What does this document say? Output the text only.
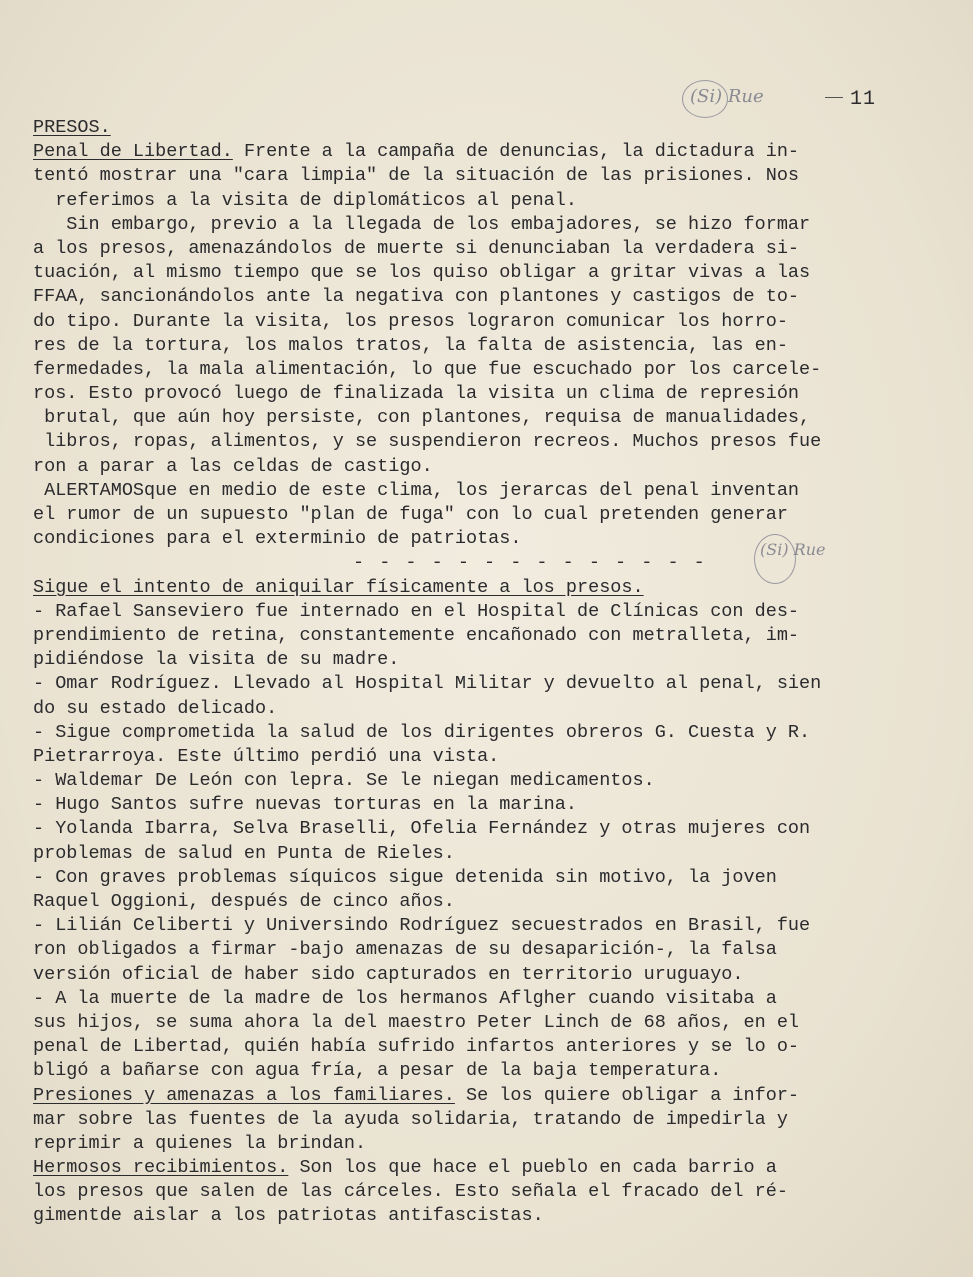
11
(Si) Rue
(Si) Rue
PRESOS.
Penal de Libertad. Frente a la campaña de denuncias, la dictadura in-
tentó mostrar una "cara limpia" de la situación de las prisiones. Nos
referimos a la visita de diplomáticos al penal.
Sin embargo, previo a la llegada de los embajadores, se hizo formar
a los presos, amenazándolos de muerte si denunciaban la verdadera si-
tuación, al mismo tiempo que se los quiso obligar a gritar vivas a las
FFAA, sancionándolos ante la negativa con plantones y castigos de to-
do tipo. Durante la visita, los presos lograron comunicar los horro-
res de la tortura, los malos tratos, la falta de asistencia, las en-
fermedades, la mala alimentación, lo que fue escuchado por los carcele-
ros. Esto provocó luego de finalizada la visita un clima de represión
brutal, que aún hoy persiste, con plantones, requisa de manualidades,
libros, ropas, alimentos, y se suspendieron recreos. Muchos presos fue
ron a parar a las celdas de castigo.
ALERTAMOSque en medio de este clima, los jerarcas del penal inventan
el rumor de un supuesto "plan de fuga" con lo cual pretenden generar
condiciones para el exterminio de patriotas.
- - - - - - - - - - - - - -
Sigue el intento de aniquilar físicamente a los presos.
- Rafael Sanseviero fue internado en el Hospital de Clínicas con des-
prendimiento de retina, constantemente encañonado con metralleta, im-
pidiéndose la visita de su madre.
- Omar Rodríguez. Llevado al Hospital Militar y devuelto al penal, sien
do su estado delicado.
- Sigue comprometida la salud de los dirigentes obreros G. Cuesta y R.
Pietrarroya. Este último perdió una vista.
- Waldemar De León con lepra. Se le niegan medicamentos.
- Hugo Santos sufre nuevas torturas en la marina.
- Yolanda Ibarra, Selva Braselli, Ofelia Fernández y otras mujeres con
problemas de salud en Punta de Rieles.
- Con graves problemas síquicos sigue detenida sin motivo, la joven
Raquel Oggioni, después de cinco años.
- Lilián Celiberti y Universindo Rodríguez secuestrados en Brasil, fue
ron obligados a firmar -bajo amenazas de su desaparición-, la falsa
versión oficial de haber sido capturados en territorio uruguayo.
- A la muerte de la madre de los hermanos Aflgher cuando visitaba a
sus hijos, se suma ahora la del maestro Peter Linch de 68 años, en el
penal de Libertad, quién había sufrido infartos anteriores y se lo o-
bligó a bañarse con agua fría, a pesar de la baja temperatura.
Presiones y amenazas a los familiares. Se los quiere obligar a infor-
mar sobre las fuentes de la ayuda solidaria, tratando de impedirla y
reprimir a quienes la brindan.
Hermosos recibimientos. Son los que hace el pueblo en cada barrio a
los presos que salen de las cárceles. Esto señala el fracado del ré-
gimentde aislar a los patriotas antifascistas.
